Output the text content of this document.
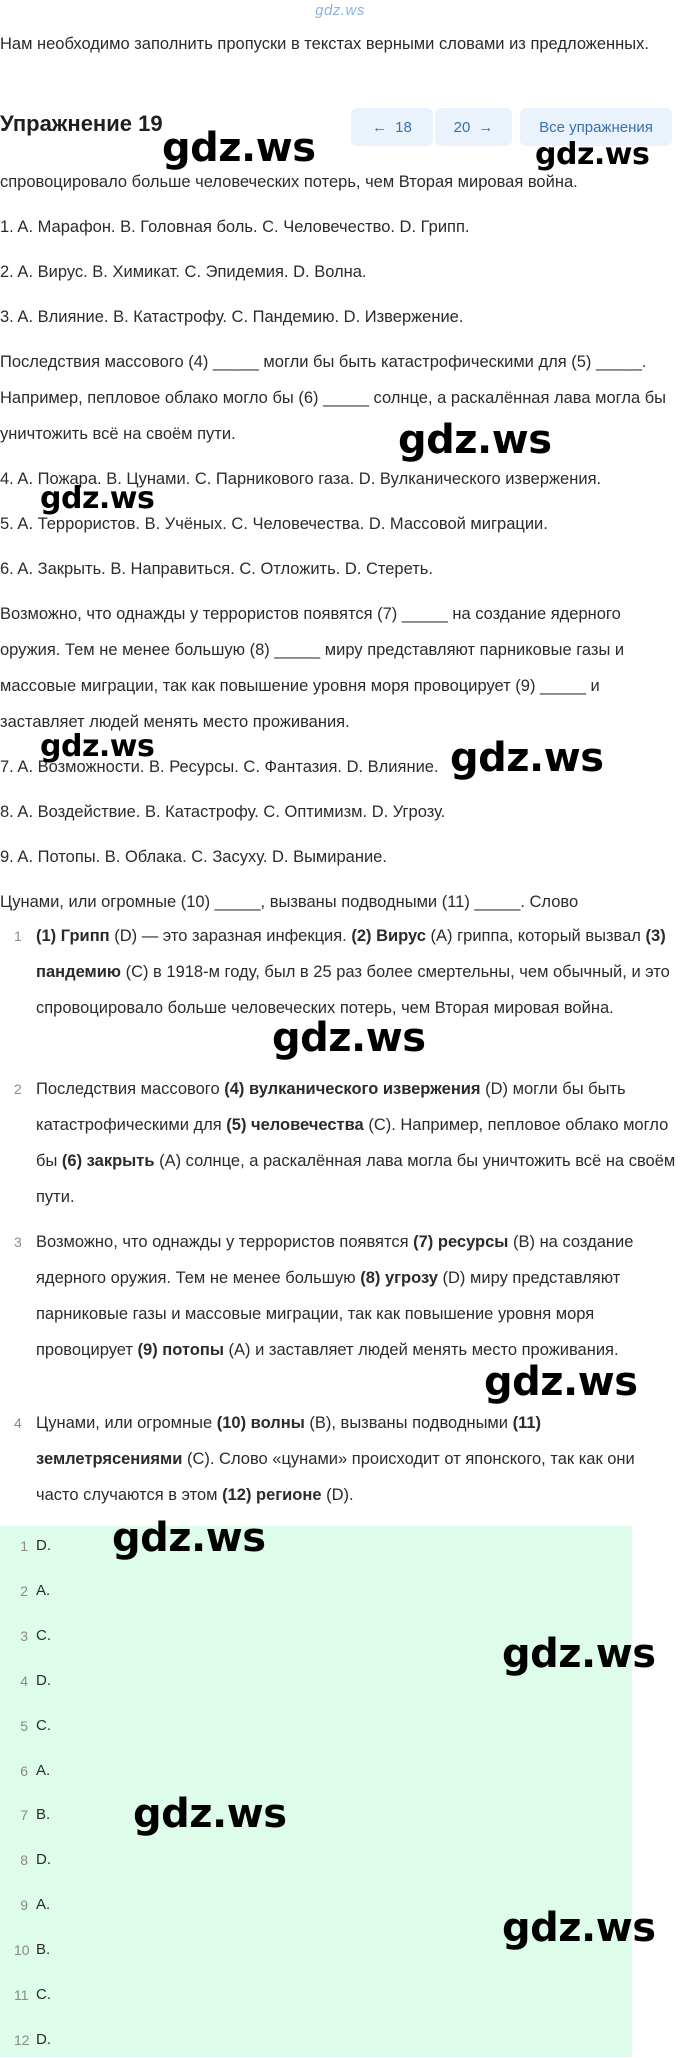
gdz.ws
Нам необходимо заполнить пропуски в текстах верными словами из предложенных.
Упражнение 19	← 18	20 →	Все упражнения
спровоцировало больше человеческих потерь, чем Вторая мировая война.
1. A. Марафон. B. Головная боль. C. Человечество. D. Грипп.
2. A. Вирус. B. Химикат. C. Эпидемия. D. Волна.
3. A. Влияние. B. Катастрофу. C. Пандемию. D. Извержение.
Последствия массового (4) _____ могли бы быть катастрофическими для (5) _____. Например, пепловое облако могло бы (6) _____ солнце, а раскалённая лава могла бы уничтожить всё на своём пути.
4. A. Пожара. B. Цунами. C. Парникового газа. D. Вулканического извержения.
5. A. Террористов. B. Учёных. C. Человечества. D. Массовой миграции.
6. A. Закрыть. B. Направиться. C. Отложить. D. Стереть.
Возможно, что однажды у террористов появятся (7) _____ на создание ядерного оружия. Тем не менее большую (8) _____ миру представляют парниковые газы и массовые миграции, так как повышение уровня моря провоцирует (9) _____ и заставляет людей менять место проживания.
7. A. Возможности. B. Ресурсы. C. Фантазия. D. Влияние.
8. A. Воздействие. B. Катастрофу. C. Оптимизм. D. Угрозу.
9. A. Потопы. B. Облака. C. Засуху. D. Вымирание.
Цунами, или огромные (10) _____, вызваны подводными (11) _____. Слово
1 (1) Грипп (D) — это заразная инфекция. (2) Вирус (A) гриппа, который вызвал (3) пандемию (C) в 1918-м году, был в 25 раз более смертельны, чем обычный, и это спровоцировало больше человеческих потерь, чем Вторая мировая война.
2 Последствия массового (4) вулканического извержения (D) могли бы быть катастрофическими для (5) человечества (C). Например, пепловое облако могло бы (6) закрыть (A) солнце, а раскалённая лава могла бы уничтожить всё на своём пути.
3 Возможно, что однажды у террористов появятся (7) ресурсы (B) на создание ядерного оружия. Тем не менее большую (8) угрозу (D) миру представляют парниковые газы и массовые миграции, так как повышение уровня моря провоцирует (9) потопы (A) и заставляет людей менять место проживания.
4 Цунами, или огромные (10) волны (B), вызваны подводными (11) землетрясениями (C). Слово «цунами» происходит от японского, так как они часто случаются в этом (12) регионе (D).
1 D.
2 A.
3 C.
4 D.
5 C.
6 A.
7 B.
8 D.
9 A.
10 B.
11 C.
12 D.
gdz.ws	gdz.ws
gdz.ws
gdz.ws
gdz.ws	gdz.ws
gdz.ws
gdz.ws
gdz.ws
gdz.ws
gdz.ws
gdz.ws
